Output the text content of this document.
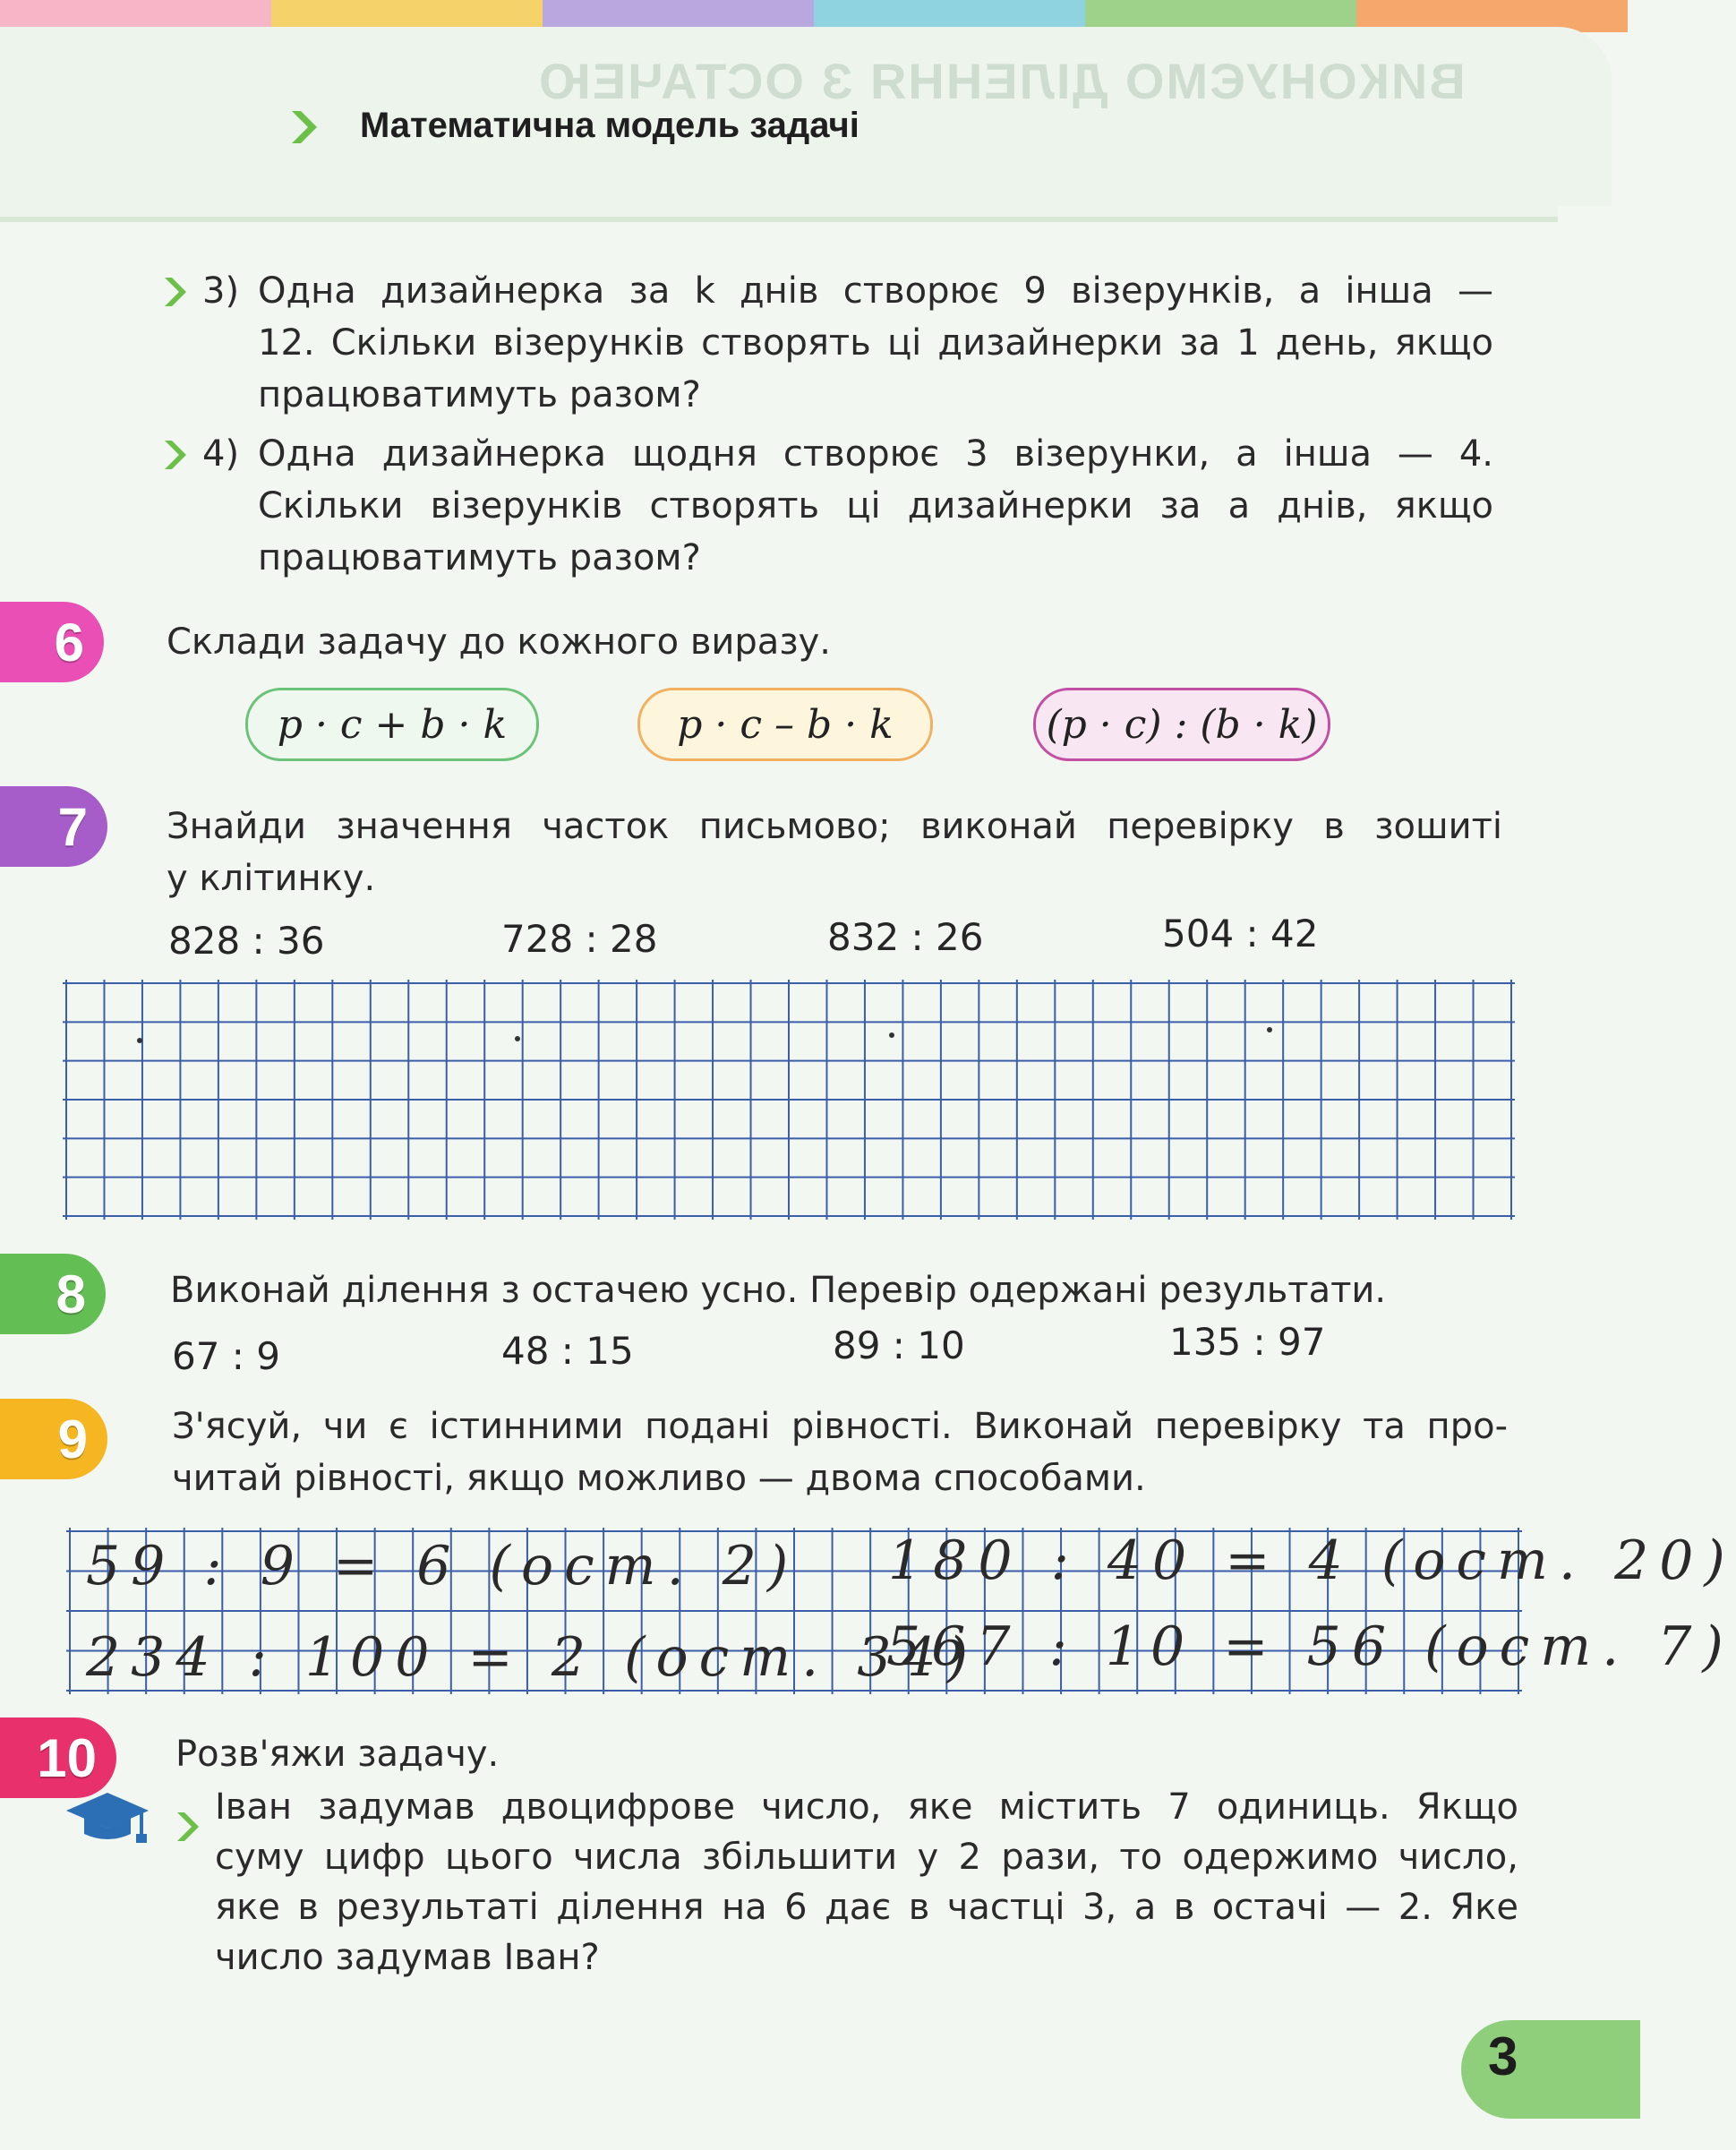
ВИКОНУЄМО ДІЛЕННЯ З ОСТАЧЕЮ
Математична модель задачі
3) Одна дизайнерка за k днів створює 9 візерунків, а інша —
12. Скільки візерунків створять ці дизайнерки за 1 день, якщо
працюватимуть разом?
4) Одна дизайнерка щодня створює 3 візерунки, а інша — 4.
Скільки візерунків створять ці дизайнерки за a днів, якщо
працюватимуть разом?
6	Склади задачу до кожного виразу.
p · c + b · k	p · c – b · k	(p · c) : (b · k)
7	Знайди значення часток письмово; виконай перевірку в зошиті
у клітинку.
828 : 36	728 : 28	832 : 26	504 : 42
8	Виконай ділення з остачею усно. Перевір одержані результати.
67 : 9	48 : 15	89 : 10	135 : 97
9	З'ясуй, чи є істинними подані рівності. Виконай перевірку та про-
читай рівності, якщо можливо — двома способами.
59 : 9 = 6 (ост. 2) 180 : 40 = 4 (ост. 20)
234 : 100 = 2 (ост. 34)
567 : 10 = 56 (ост. 7)
10	Розв'яжи задачу.
Іван задумав двоцифрове число, яке містить 7 одиниць. Якщо
суму цифр цього числа збільшити у 2 рази, то одержимо число,
яке в результаті ділення на 6 дає в частці 3, а в остачі — 2. Яке
число задумав Іван?
3
